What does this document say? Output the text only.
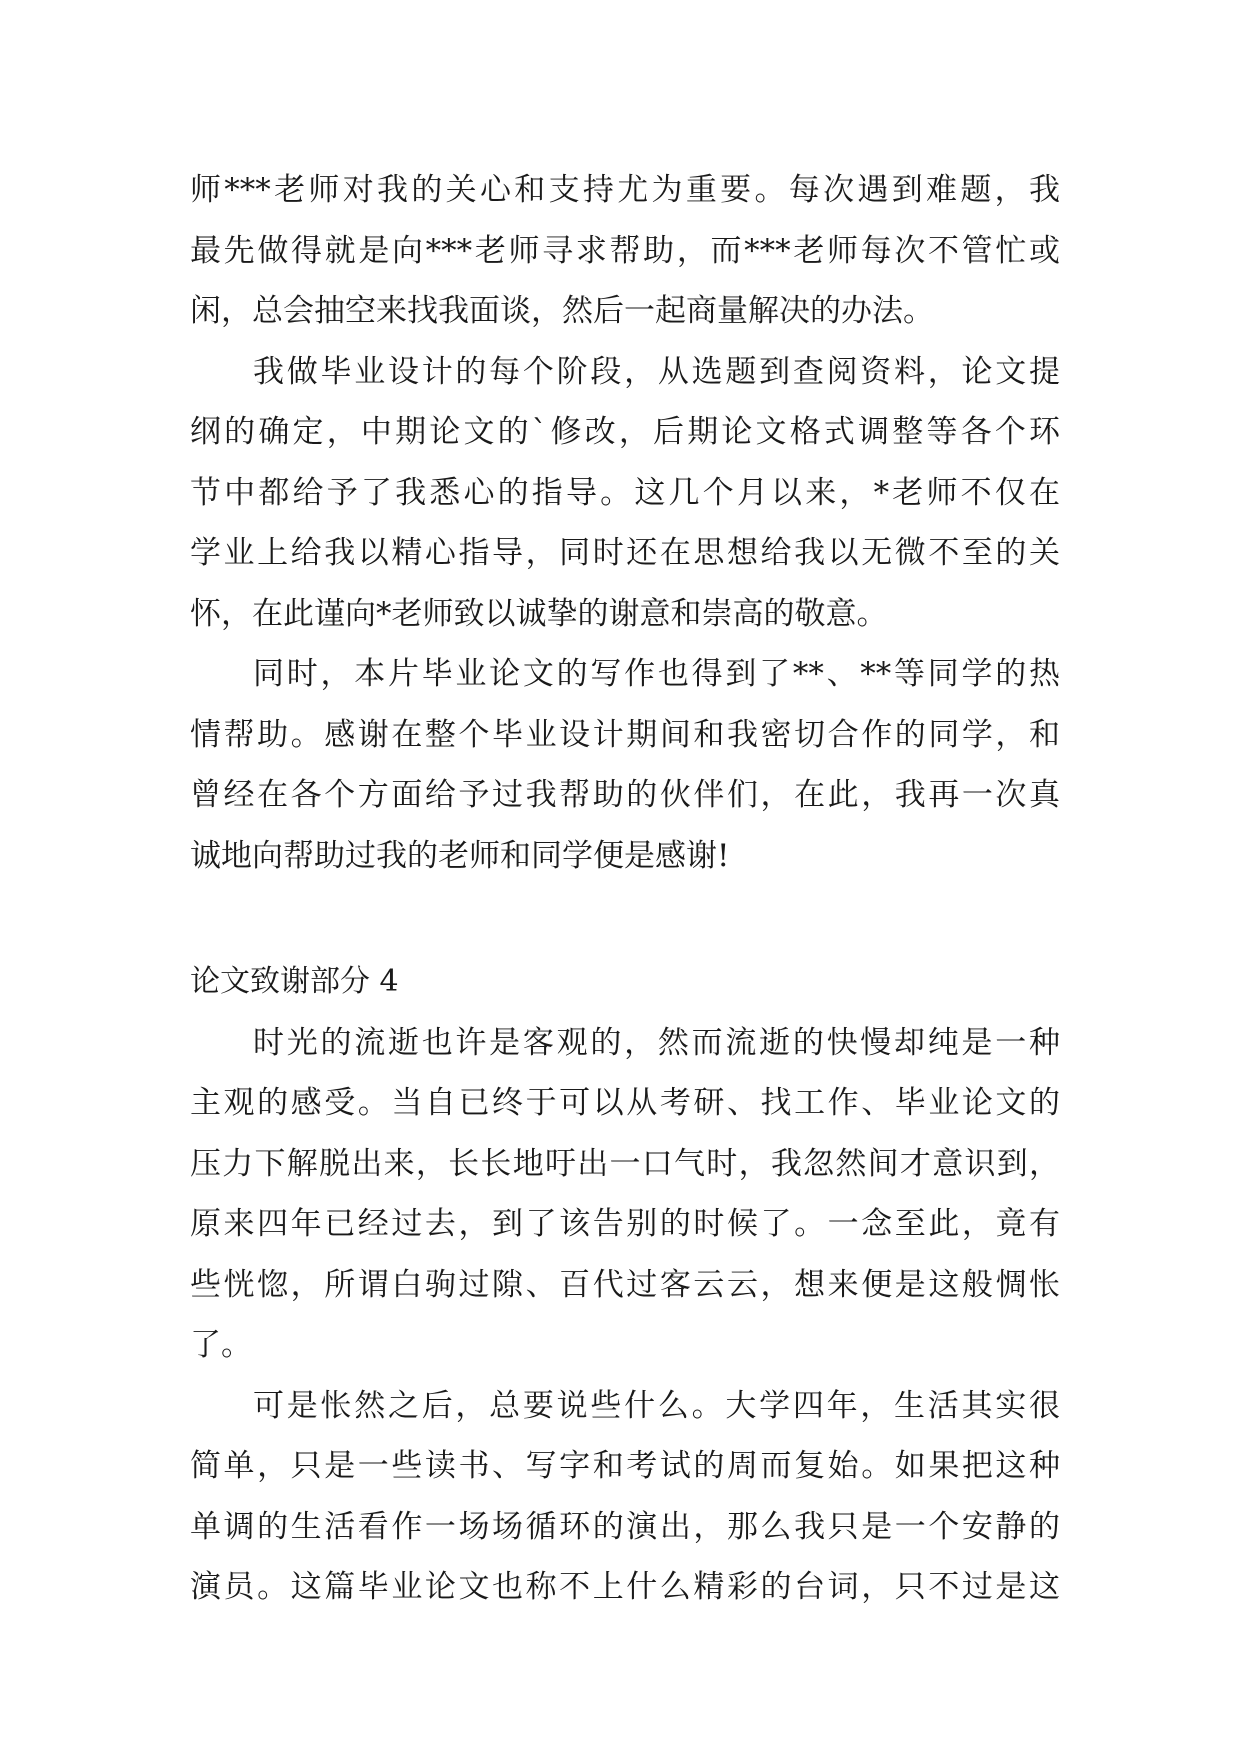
师***老师对我的关心和支持尤为重要。每次遇到难题，我
最先做得就是向***老师寻求帮助，而***老师每次不管忙或
闲，总会抽空来找我面谈，然后一起商量解决的办法。
我做毕业设计的每个阶段，从选题到查阅资料，论文提
纲的确定，中期论文的`修改，后期论文格式调整等各个环
节中都给予了我悉心的指导。这几个月以来，*老师不仅在
学业上给我以精心指导，同时还在思想给我以无微不至的关
怀，在此谨向*老师致以诚挚的谢意和崇高的敬意。
同时，本片毕业论文的写作也得到了**、**等同学的热
情帮助。感谢在整个毕业设计期间和我密切合作的同学，和
曾经在各个方面给予过我帮助的伙伴们，在此，我再一次真
诚地向帮助过我的老师和同学便是感谢!
论文致谢部分 4
时光的流逝也许是客观的，然而流逝的快慢却纯是一种
主观的感受。当自已终于可以从考研、找工作、毕业论文的
压力下解脱出来，长长地吁出一口气时，我忽然间才意识到，
原来四年已经过去，到了该告别的时候了。一念至此，竟有
些恍惚，所谓白驹过隙、百代过客云云，想来便是这般惆怅
了。
可是怅然之后，总要说些什么。大学四年，生活其实很
简单，只是一些读书、写字和考试的周而复始。如果把这种
单调的生活看作一场场循环的演出，那么我只是一个安静的
演员。这篇毕业论文也称不上什么精彩的台词，只不过是这
